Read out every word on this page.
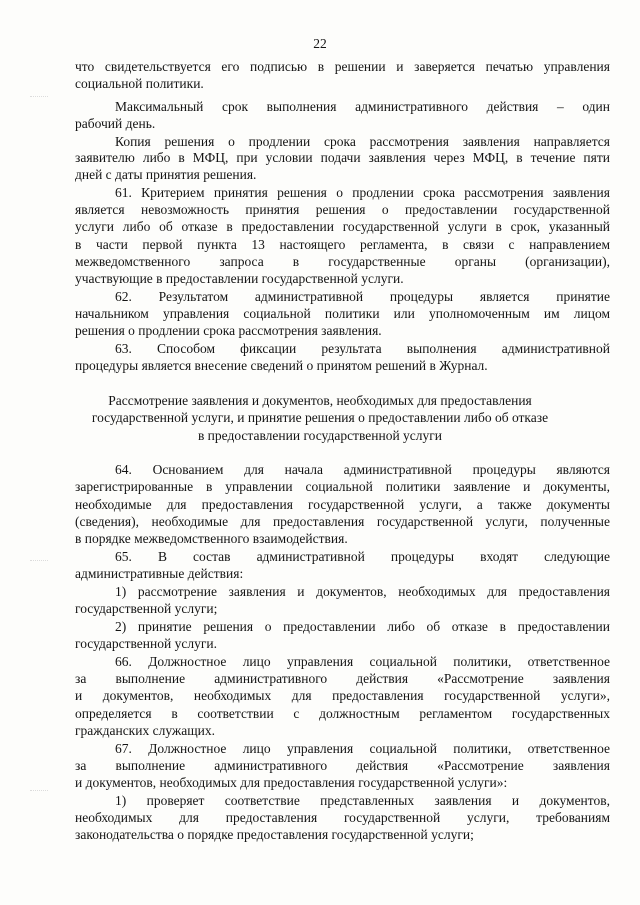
22
что свидетельствуется его подписью в решении и заверяется печатью управления
социальной политики.
Максимальный срок выполнения административного действия – один
рабочий день.
Копия решения о продлении срока рассмотрения заявления направляется
заявителю либо в МФЦ, при условии подачи заявления через МФЦ, в течение пяти
дней с даты принятия решения.
61. Критерием принятия решения о продлении срока рассмотрения заявления
является невозможность принятия решения о предоставлении государственной
услуги либо об отказе в предоставлении государственной услуги в срок, указанный
в части первой пункта 13 настоящего регламента, в связи с направлением
межведомственного запроса в государственные органы (организации),
участвующие в предоставлении государственной услуги.
62. Результатом административной процедуры является принятие
начальником управления социальной политики или уполномоченным им лицом
решения о продлении срока рассмотрения заявления.
63. Способом фиксации результата выполнения административной
процедуры является внесение сведений о принятом решений в Журнал.
Рассмотрение заявления и документов, необходимых для предоставления
государственной услуги, и принятие решения о предоставлении либо об отказе
в предоставлении государственной услуги
64. Основанием для начала административной процедуры являются
зарегистрированные в управлении социальной политики заявление и документы,
необходимые для предоставления государственной услуги, а также документы
(сведения), необходимые для предоставления государственной услуги, полученные
в порядке межведомственного взаимодействия.
65. В состав административной процедуры входят следующие
административные действия:
1) рассмотрение заявления и документов, необходимых для предоставления
государственной услуги;
2) принятие решения о предоставлении либо об отказе в предоставлении
государственной услуги.
66. Должностное лицо управления социальной политики, ответственное
за выполнение административного действия «Рассмотрение заявления
и документов, необходимых для предоставления государственной услуги»,
определяется в соответствии с должностным регламентом государственных
гражданских служащих.
67. Должностное лицо управления социальной политики, ответственное
за выполнение административного действия «Рассмотрение заявления
и документов, необходимых для предоставления государственной услуги»:
1) проверяет соответствие представленных заявления и документов,
необходимых для предоставления государственной услуги, требованиям
законодательства о порядке предоставления государственной услуги;
